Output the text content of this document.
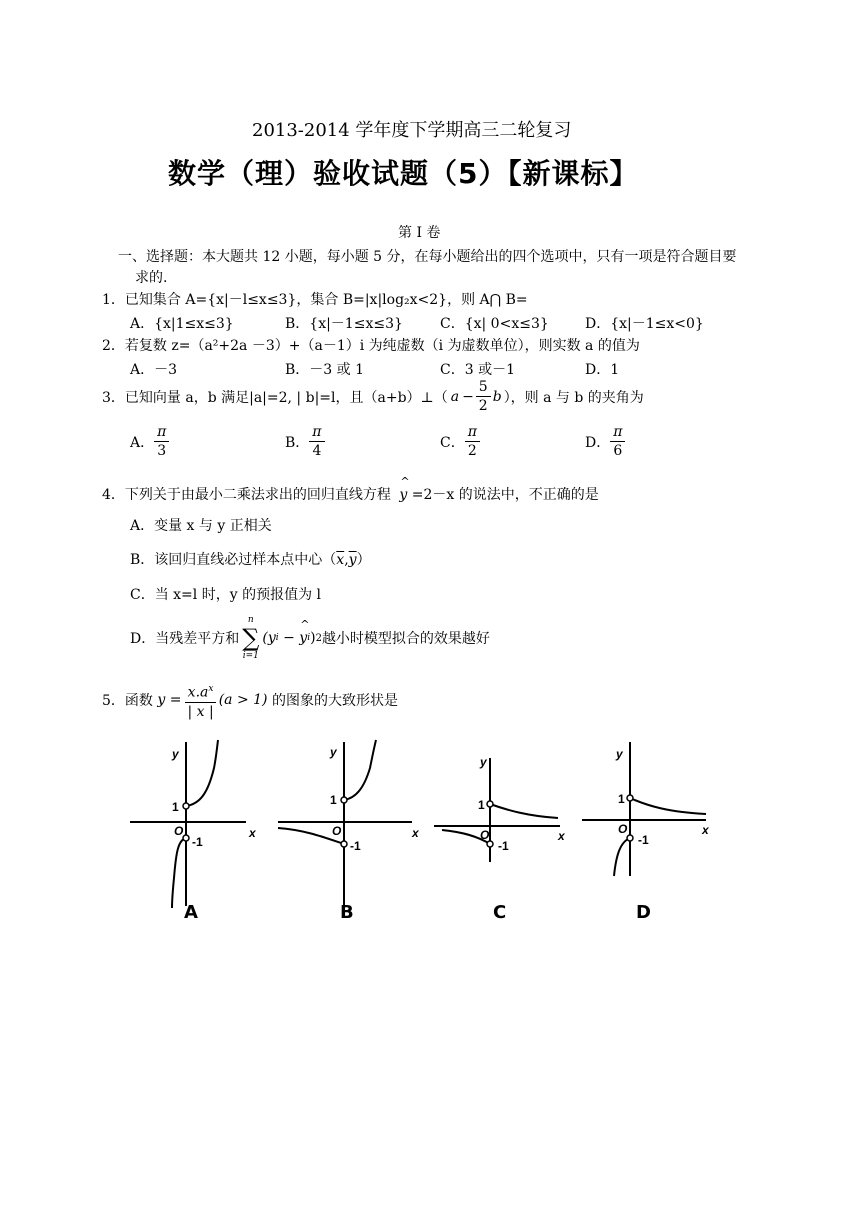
2013-2014 学年度下学期高三二轮复习
数学（理）验收试题（5）【新课标】
第 I 卷
一、选择题：本大题共 12 小题，每小题 5 分，在每小题给出的四个选项中，只有一项是符合题目要
求的.
1．已知集合 A={x|－l≤x≤3}，集合 B=|x|log₂x<2}，则 A⋂ B=
A．{x|1≤x≤3}	B．{x|－1≤x≤3}	C．{x| 0<x≤3}	D．{x|－1≤x<0}
2．若复数 z=（a²+2a －3）+（a－1）i 为纯虚数（i 为虚数单位），则实数 a 的值为
A．－3	B．－3 或 1	C．3 或－1	D．1
3．已知向量 a，b 满足|a|=2, | b|=l，且（a+b）⊥（ $a - \frac{5}{2}$ b ），则 a 与 b 的夹角为
A． $\frac{\pi}{3}$	B． $\frac{\pi}{4}$	C． $\frac{\pi}{2}$	D． $\frac{\pi}{6}$
4．下列关于由最小二乘法求出的回归直线方程 ^ y =2－x 的说法中，不正确的是
A．变量 x 与 y 正相关
B．该回归直线必过样本点中心$(\overline{x},\overline{y})$
C．当 x=l 时，y 的预报值为 l
D．当残差平方和
n
∑
i=1
(y i − ^ y i ) 2 越小时模型拟合的效果越好
5．函数 $y = \frac{x.a^x}{| x |} (a > 1)$ 的图象的大致形状是
y
x
O
1
-1
A
y
x
O
1
-1
B
y
x
O
1
-1
C
y
x
O
1
-1
D
